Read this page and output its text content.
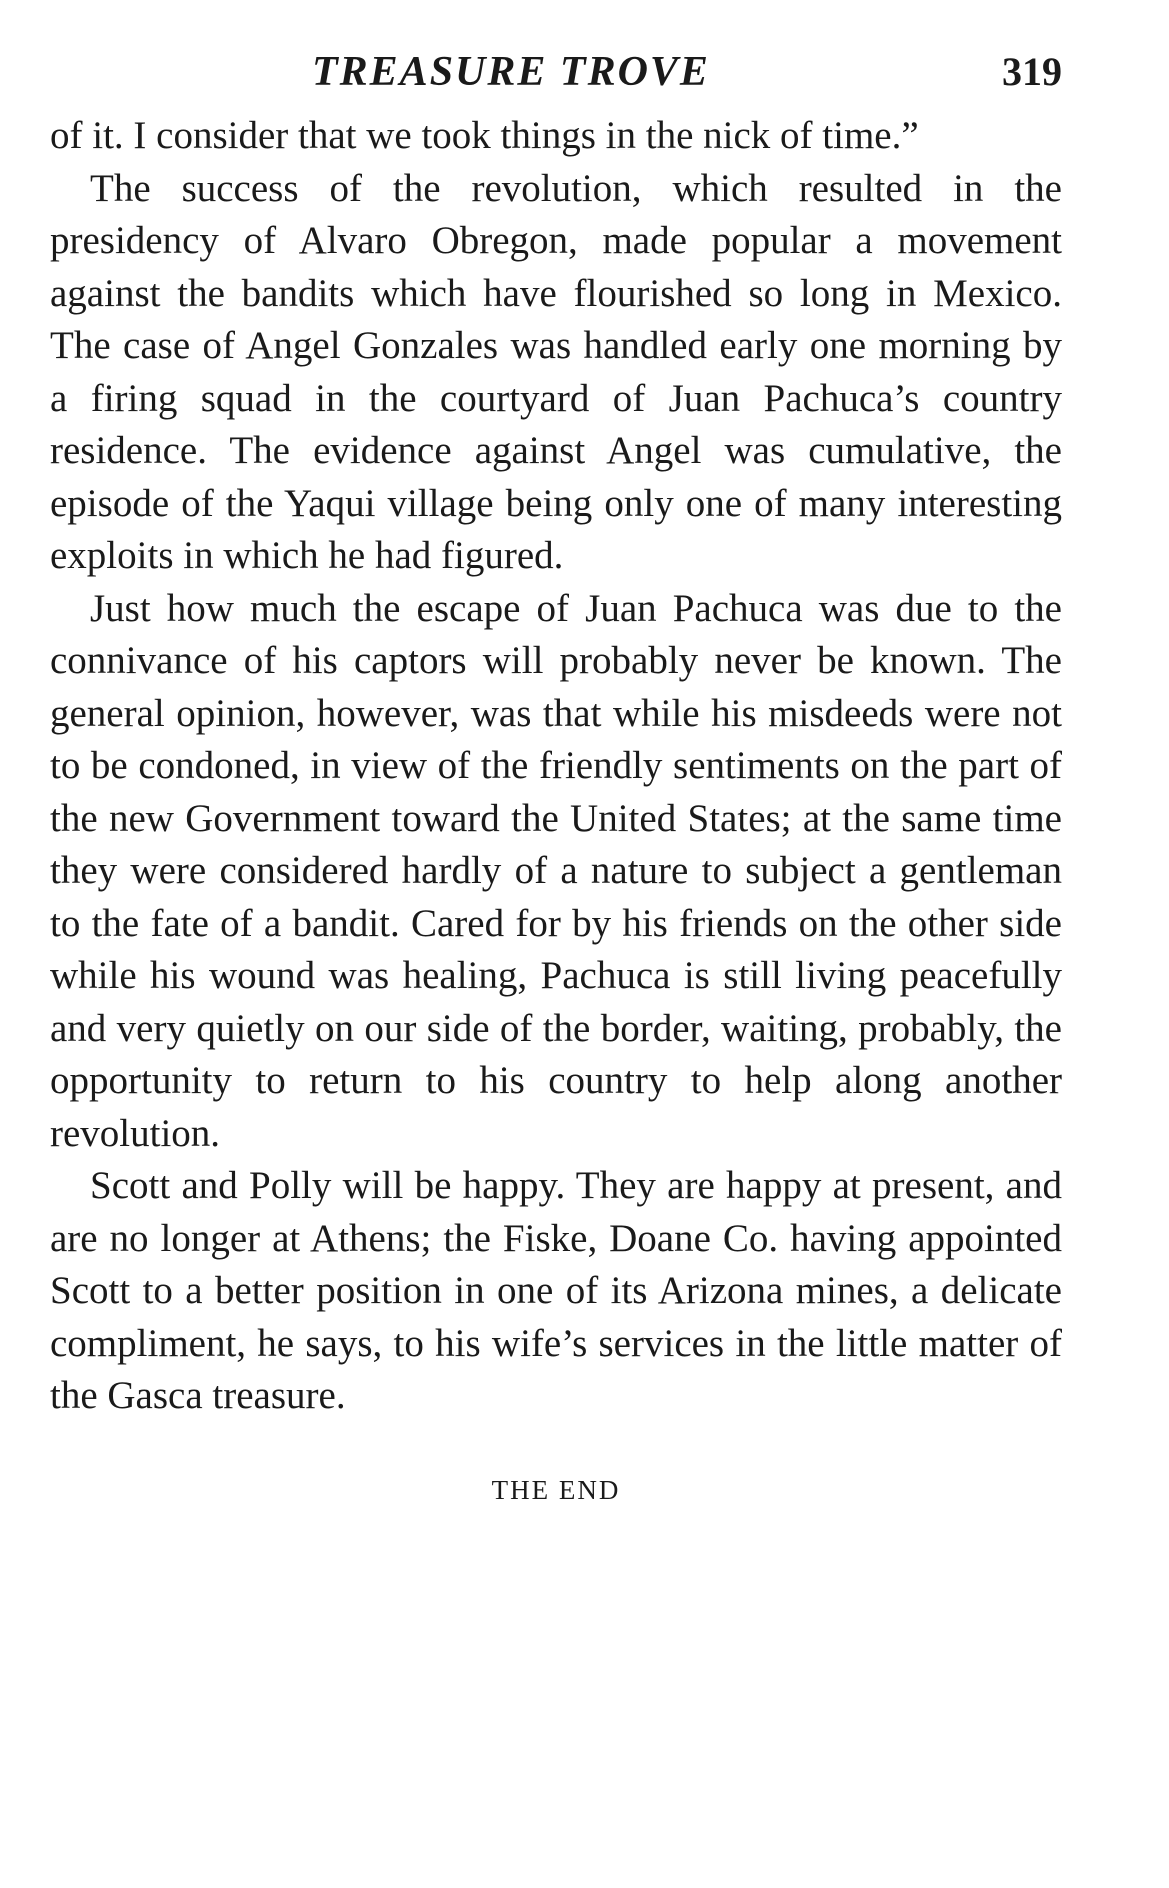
TREASURE TROVE	319

of it. I consider that we took things in the nick of time.”

The success of the revolution, which resulted in the presidency of Alvaro Obregon, made popular a movement against the bandits which have flourished so long in Mexico. The case of Angel Gonzales was handled early one morning by a firing squad in the courtyard of Juan Pachuca’s country residence. The evidence against Angel was cumulative, the episode of the Yaqui village being only one of many interesting exploits in which he had figured.

Just how much the escape of Juan Pachuca was due to the connivance of his captors will probably never be known. The general opinion, however, was that while his misdeeds were not to be condoned, in view of the friendly sentiments on the part of the new Government toward the United States; at the same time they were considered hardly of a nature to subject a gentleman to the fate of a bandit. Cared for by his friends on the other side while his wound was healing, Pachuca is still living peacefully and very quietly on our side of the border, waiting, probably, the opportunity to return to his country to help along another revolution.

Scott and Polly will be happy. They are happy at present, and are no longer at Athens; the Fiske, Doane Co. having appointed Scott to a better position in one of its Arizona mines, a delicate compliment, he says, to his wife’s services in the little matter of the Gasca treasure.

THE END
